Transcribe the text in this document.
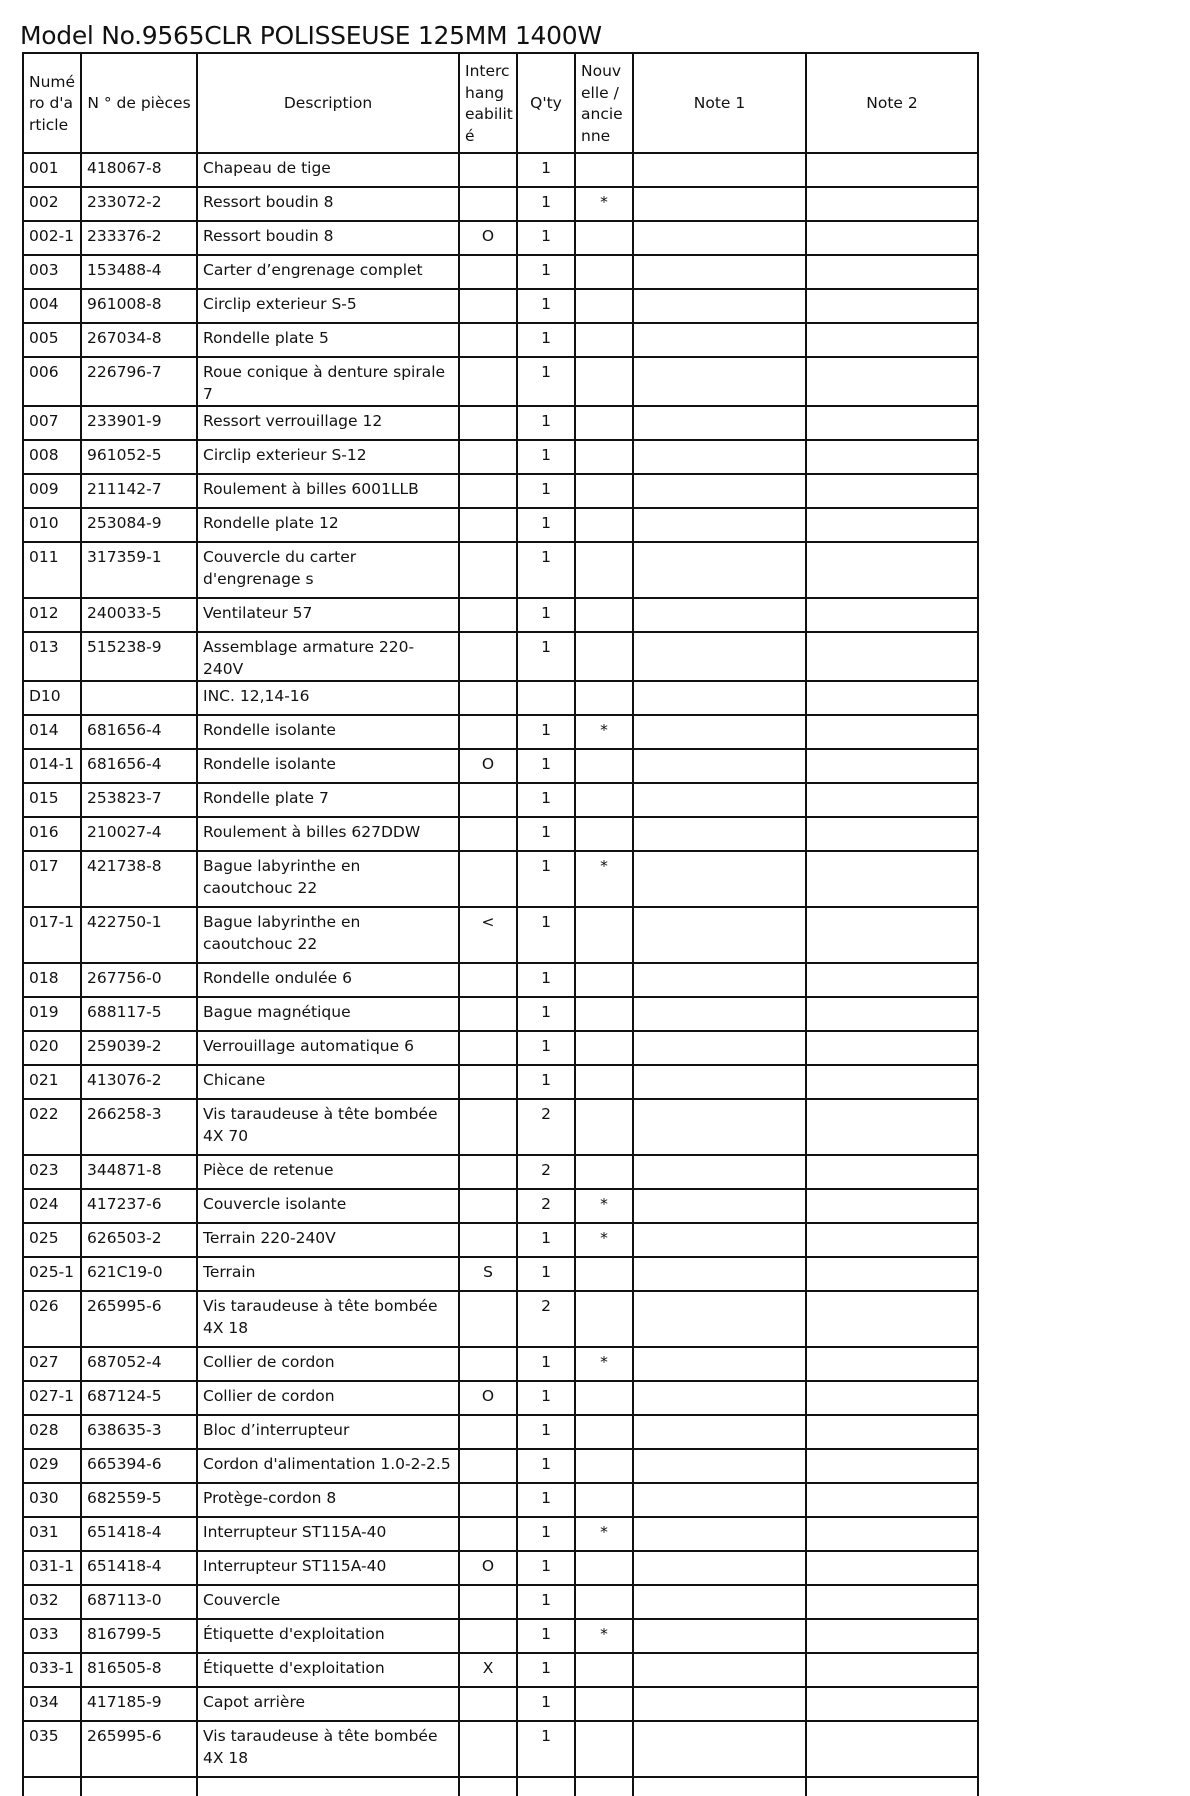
Model No.9565CLR POLISSEUSE 125MM 1400W
Numé ro d'a rticle	N ° de pièces	Description	Interc hang eabilit é	Q'ty	Nouv elle / ancie nne	Note 1	Note 2
001	418067-8	Chapeau de tige		1			
002	233072-2	Ressort boudin 8		1	*		
002-1	233376-2	Ressort boudin 8	O	1			
003	153488-4	Carter d’engrenage complet		1			
004	961008-8	Circlip exterieur S-5		1			
005	267034-8	Rondelle plate 5		1			
006	226796-7	Roue conique à denture spirale 7		1			
007	233901-9	Ressort verrouillage 12		1			
008	961052-5	Circlip exterieur S-12		1			
009	211142-7	Roulement à billes 6001LLB		1			
010	253084-9	Rondelle plate 12		1			
011	317359-1	Couvercle du carter d'engrenage s		1			
012	240033-5	Ventilateur 57		1			
013	515238-9	Assemblage armature 220-240V		1			
D10		INC. 12,14-16					
014	681656-4	Rondelle isolante		1	*		
014-1	681656-4	Rondelle isolante	O	1			
015	253823-7	Rondelle plate 7		1			
016	210027-4	Roulement à billes 627DDW		1			
017	421738-8	Bague labyrinthe en caoutchouc 22		1	*		
017-1	422750-1	Bague labyrinthe en caoutchouc 22	<	1			
018	267756-0	Rondelle ondulée 6		1			
019	688117-5	Bague magnétique		1			
020	259039-2	Verrouillage automatique 6		1			
021	413076-2	Chicane		1			
022	266258-3	Vis taraudeuse à tête bombée 4X 70		2			
023	344871-8	Pièce de retenue		2			
024	417237-6	Couvercle isolante		2	*		
025	626503-2	Terrain 220-240V		1	*		
025-1	621C19-0	Terrain	S	1			
026	265995-6	Vis taraudeuse à tête bombée 4X 18		2			
027	687052-4	Collier de cordon		1	*		
027-1	687124-5	Collier de cordon	O	1			
028	638635-3	Bloc d’interrupteur		1			
029	665394-6	Cordon d'alimentation 1.0-2-2.5		1			
030	682559-5	Protège-cordon 8		1			
031	651418-4	Interrupteur ST115A-40		1	*		
031-1	651418-4	Interrupteur ST115A-40	O	1			
032	687113-0	Couvercle		1			
033	816799-5	Étiquette d'exploitation		1	*		
033-1	816505-8	Étiquette d'exploitation	X	1			
034	417185-9	Capot arrière		1			
035	265995-6	Vis taraudeuse à tête bombée 4X 18		1			
